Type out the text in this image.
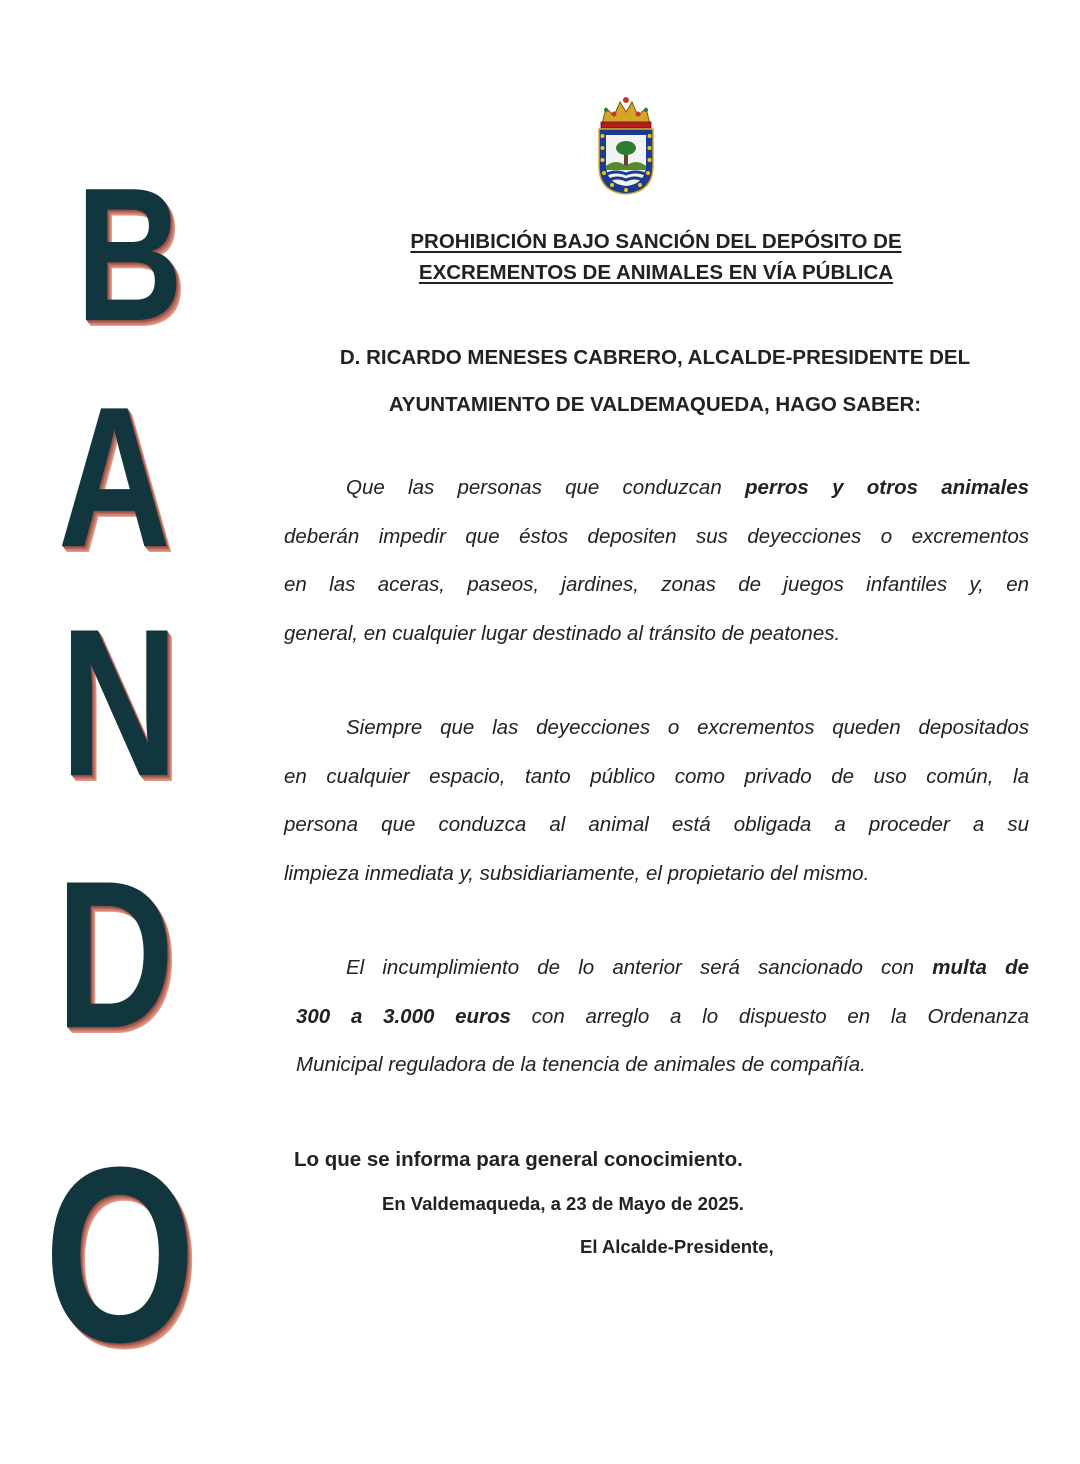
B
A
N
D
O
PROHIBICIÓN BAJO SANCIÓN DEL DEPÓSITO DE
EXCREMENTOS DE ANIMALES EN VÍA PÚBLICA
D. RICARDO MENESES CABRERO, ALCALDE-PRESIDENTE DEL
AYUNTAMIENTO DE VALDEMAQUEDA, HAGO SABER:
Que las personas que conduzcan perros y otros animales
deberán impedir que éstos depositen sus deyecciones o excrementos
en las aceras, paseos, jardines, zonas de juegos infantiles y, en
general, en cualquier lugar destinado al tránsito de peatones.
Siempre que las deyecciones o excrementos queden depositados
en cualquier espacio, tanto público como privado de uso común, la
persona que conduzca al animal está obligada a proceder a su
limpieza inmediata y, subsidiariamente, el propietario del mismo.
El incumplimiento de lo anterior será sancionado con multa de
300 a 3.000 euros con arreglo a lo dispuesto en la Ordenanza
Municipal reguladora de la tenencia de animales de compañía.
Lo que se informa para general conocimiento.
En Valdemaqueda, a 23 de Mayo de 2025.
El Alcalde-Presidente,
